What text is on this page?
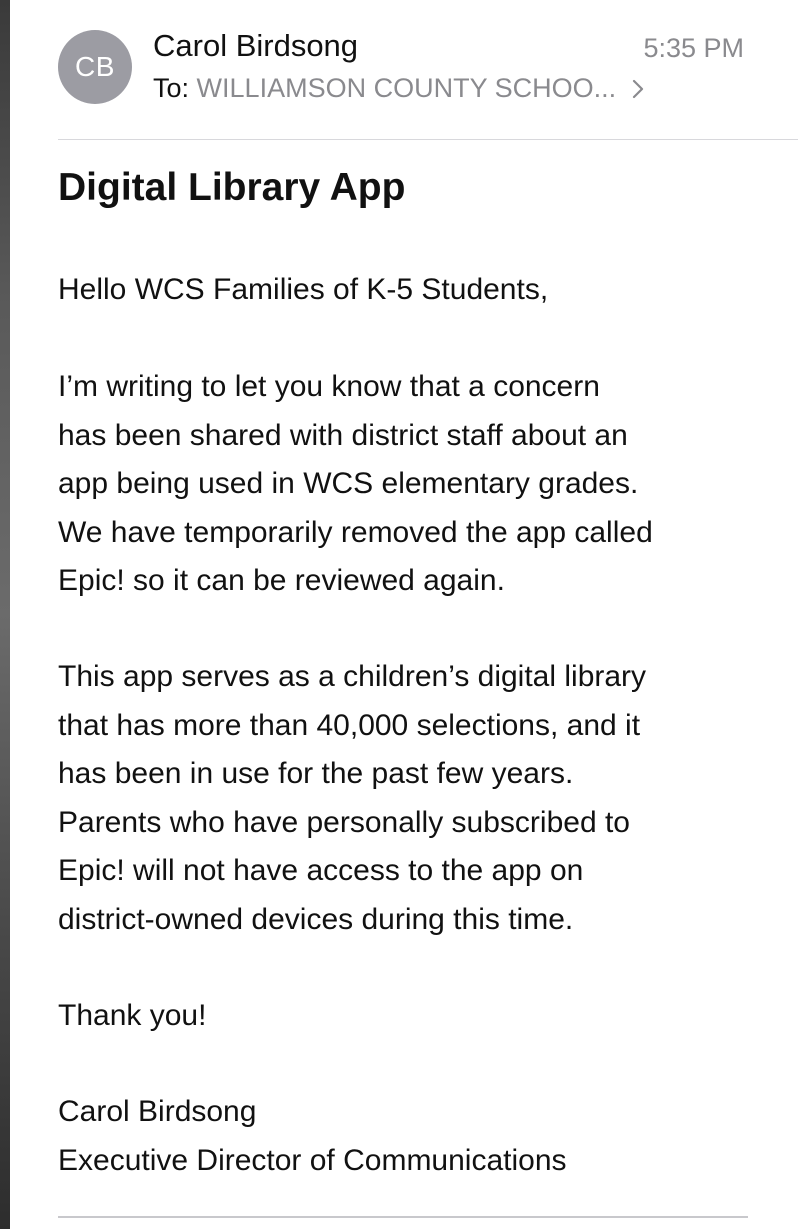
CB
Carol Birdsong	5:35 PM
To: WILLIAMSON COUNTY SCHOO...
Digital Library App

Hello WCS Families of K-5 Students,

I’m writing to let you know that a concern
has been shared with district staff about an
app being used in WCS elementary grades.
We have temporarily removed the app called
Epic! so it can be reviewed again.

This app serves as a children’s digital library
that has more than 40,000 selections, and it
has been in use for the past few years.
Parents who have personally subscribed to
Epic! will not have access to the app on
district-owned devices during this time.

Thank you!

Carol Birdsong
Executive Director of Communications
